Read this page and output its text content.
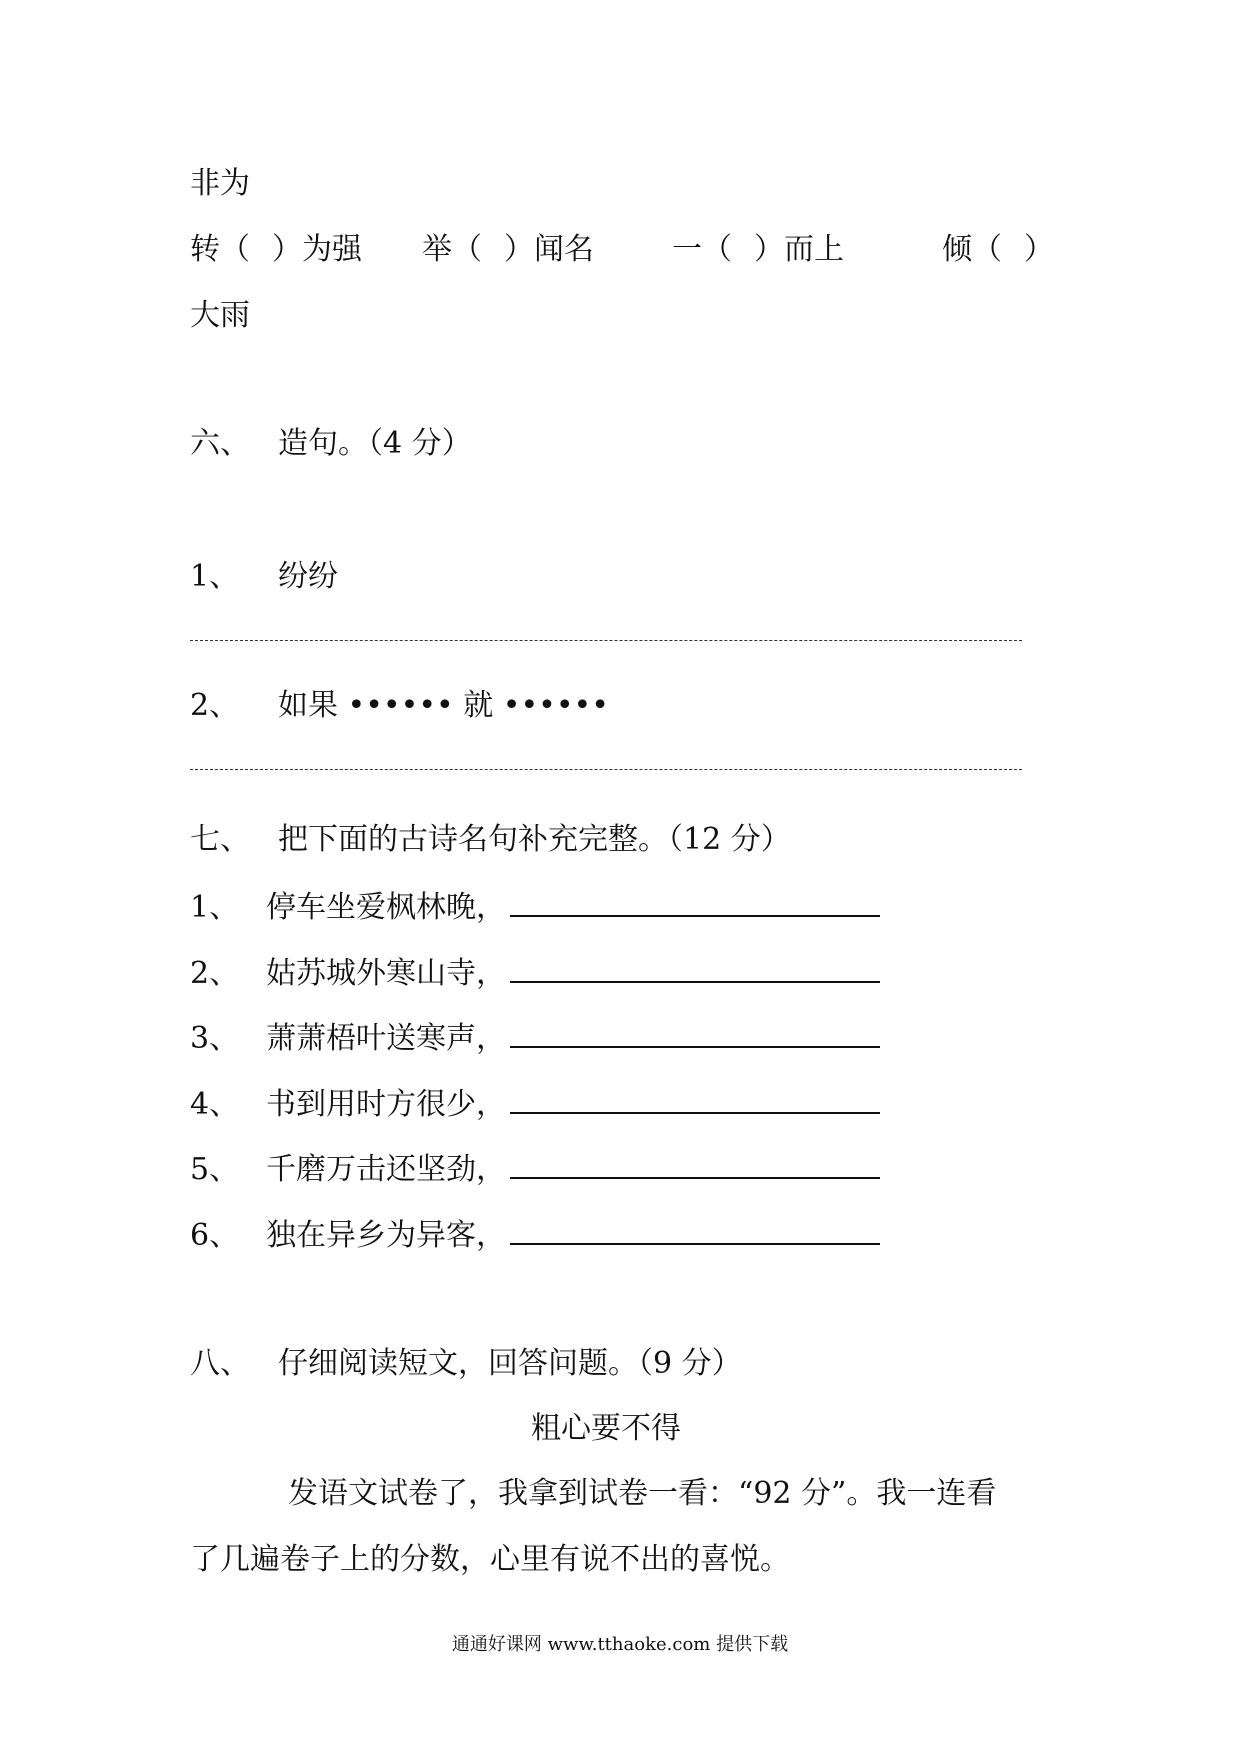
非为
转（ ）为强 举（ ）闻名	一（ ）而上	倾（ ）
大雨
六、 造句。（4 分）
1、 纷纷
2、 如果 •••••• 就 ••••••
七、 把下面的古诗名句补充完整。（12 分）
1、 停车坐爱枫林晚，
2、 姑苏城外寒山寺，
3、 萧萧梧叶送寒声，
4、 书到用时方很少，
5、 千磨万击还坚劲，
6、 独在异乡为异客，
八、 仔细阅读短文，回答问题。（9 分）
粗心要不得
发语文试卷了，我拿到试卷一看：“92 分”。我一连看
了几遍卷子上的分数，心里有说不出的喜悦。
通通好课网 www.tthaoke.com 提供下载
